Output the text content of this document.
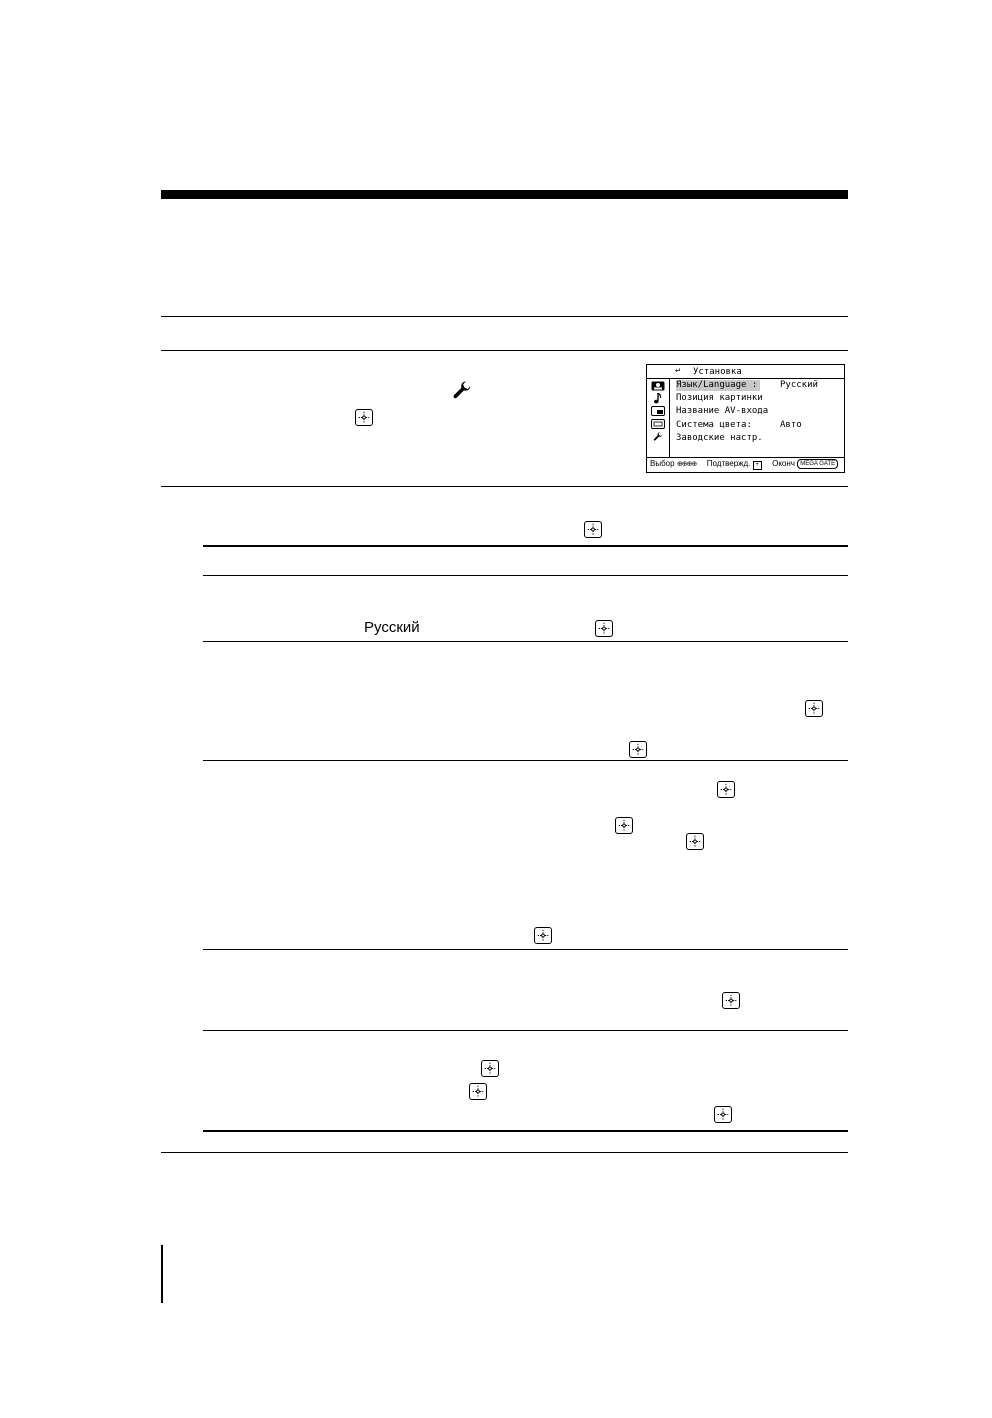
Русский
↩ Установка
Язык/Language :	Русский
Позиция картинки
Название AV-входа
Система цвета:	Авто
Заводские настр.
Выбор ⊕⊕⊕⊕ Подтвержд. + Оконч MEGA GATE
